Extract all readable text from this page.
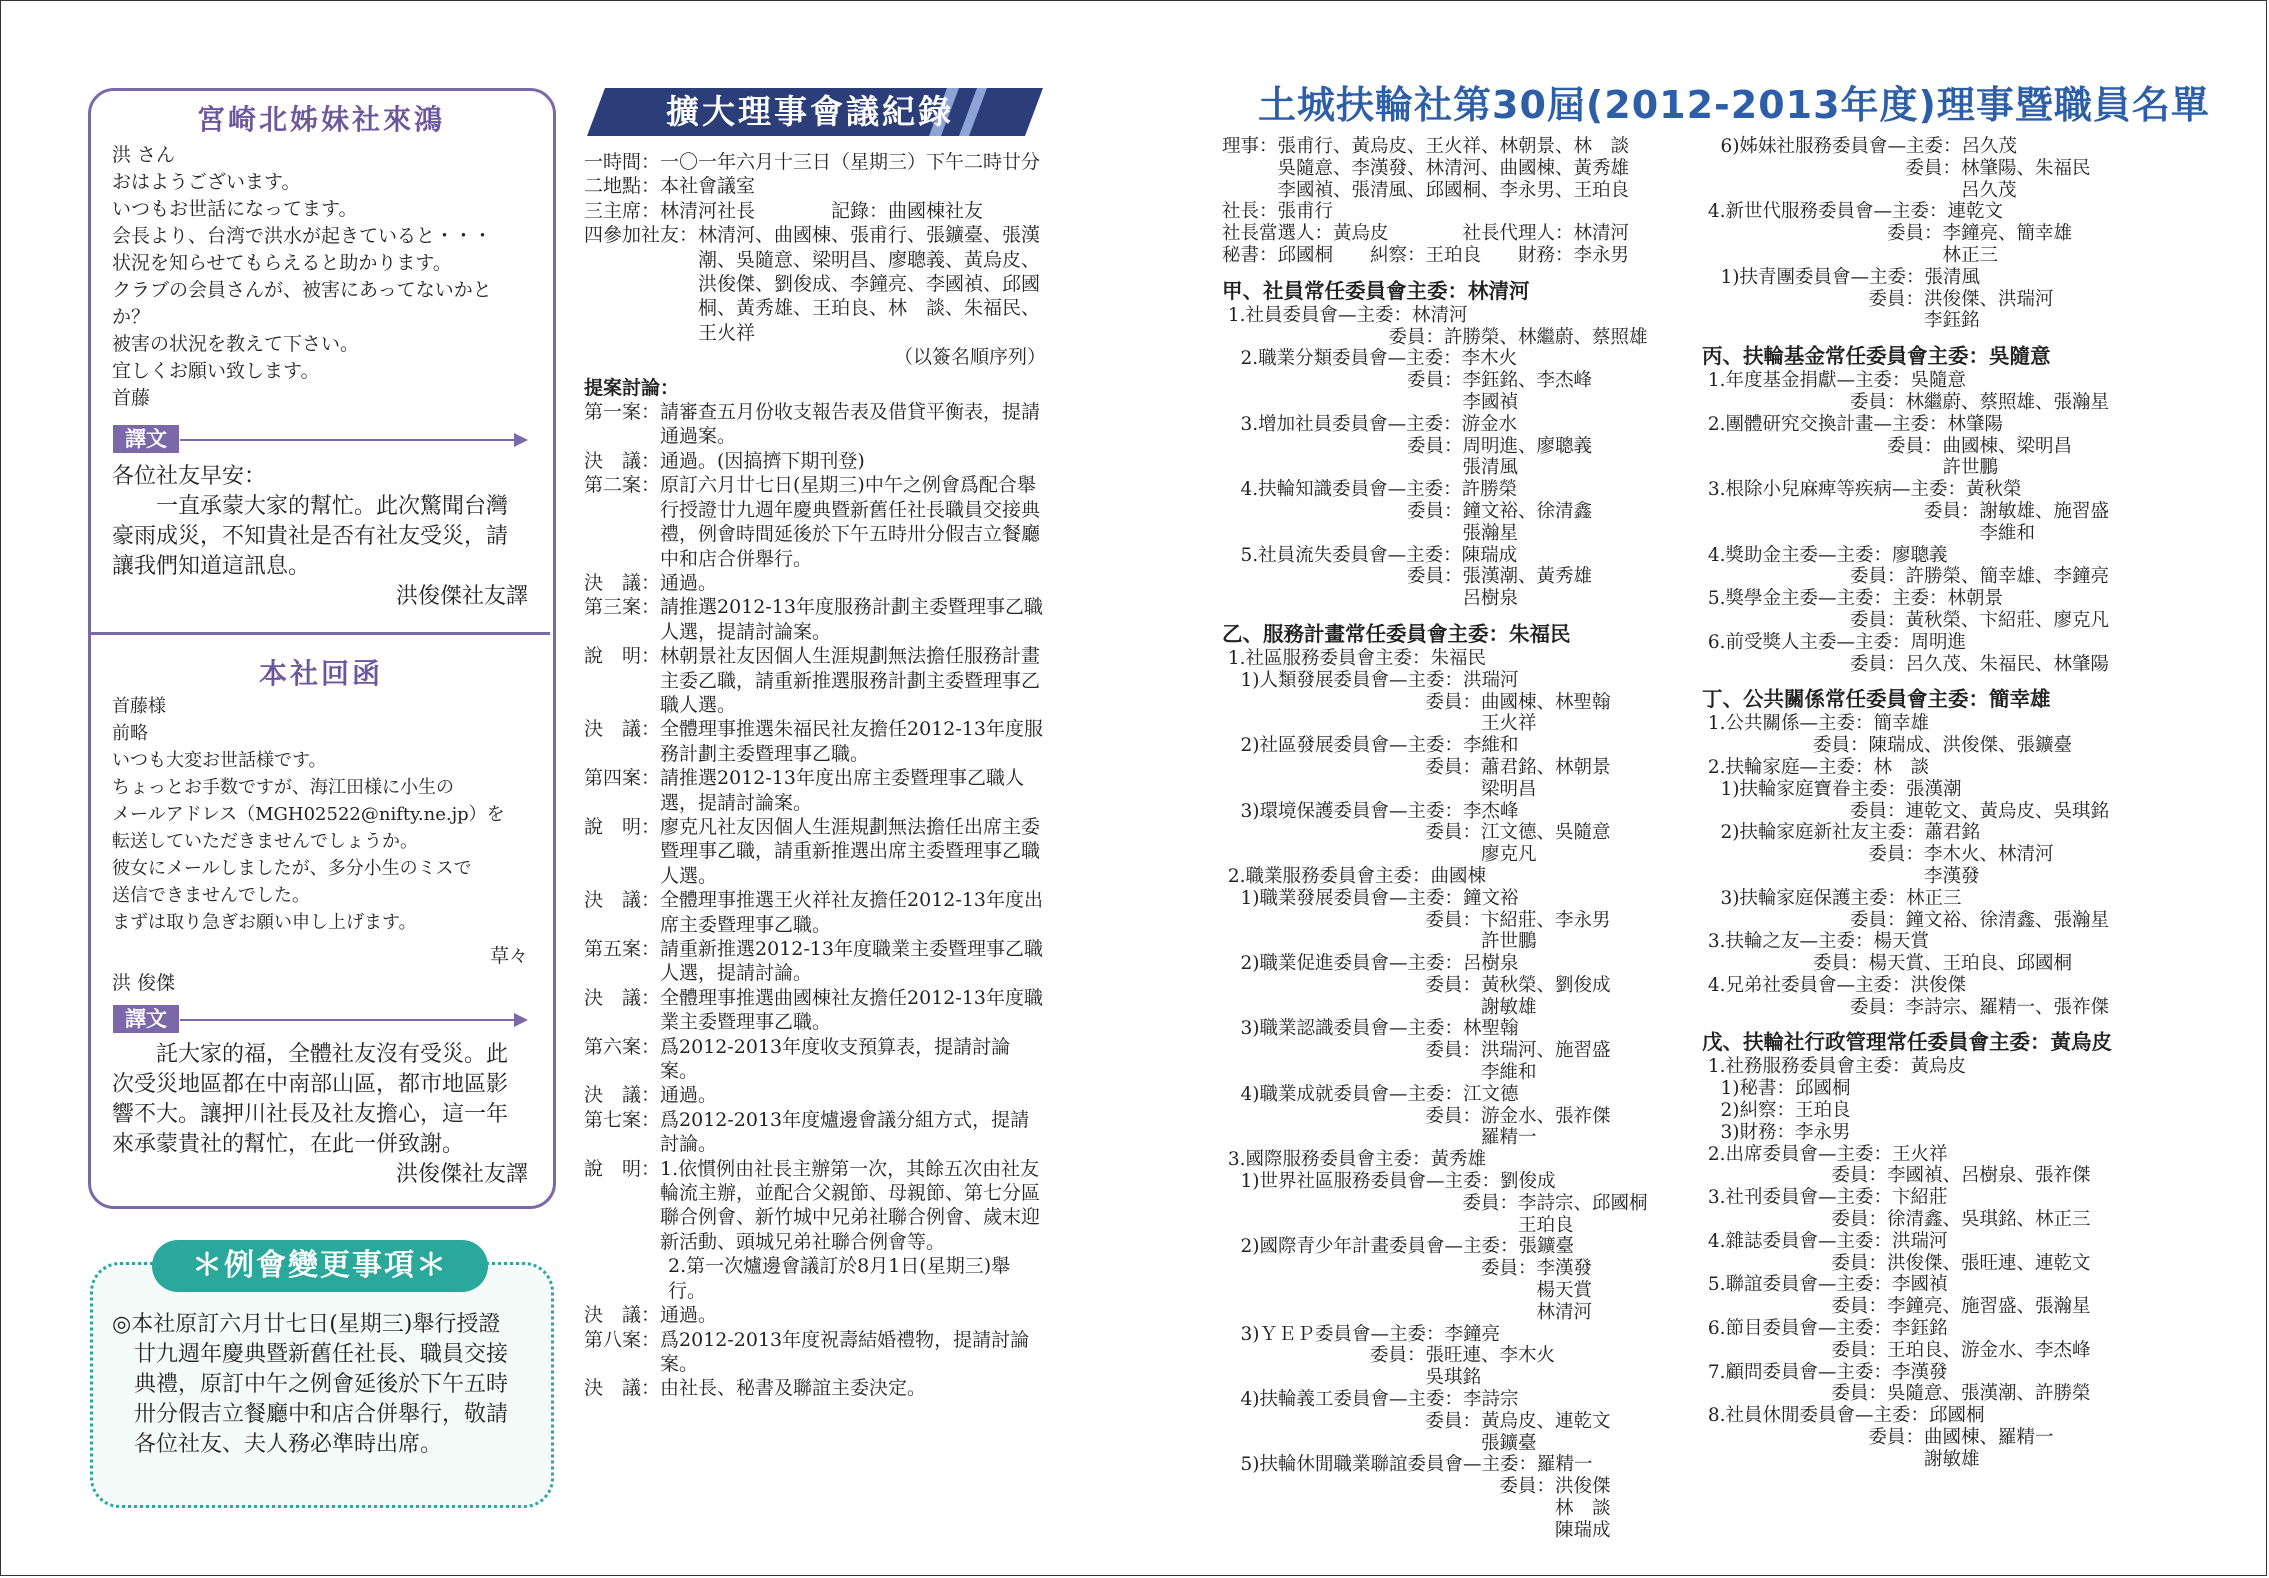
宮崎北姊妹社來鴻
洪 さん
おはようございます。
いつもお世話になってます。
会長より、台湾で洪水が起きていると・・・
状況を知らせてもらえると助かります。
クラブの会員さんが、被害にあってないかと
か？
被害の状況を教えて下さい。
宜しくお願い致します。
首藤
譯文
各位社友早安：
　　一直承蒙大家的幫忙。此次驚聞台灣
豪雨成災，不知貴社是否有社友受災，請
讓我們知道這訊息。
洪俊傑社友譯
本社回函
首藤様
前略
いつも大変お世話様です。
ちょっとお手数ですが、海江田様に小生の
メールアドレス（MGH02522@nifty.ne.jp）を
転送していただきませんでしょうか。
彼女にメールしましたが、多分小生のミスで
送信できませんでした。
まずは取り急ぎお願い申し上げます。
草々
洪 俊傑
譯文
　　託大家的福，全體社友沒有受災。此
次受災地區都在中南部山區，都市地區影
響不大。讓押川社長及社友擔心，這一年
來承蒙貴社的幫忙，在此一併致謝。
洪俊傑社友譯
＊例會變更事項＊
◎本社原訂六月廿七日(星期三)舉行授證
　廿九週年慶典暨新舊任社長、職員交接
　典禮，原訂中午之例會延後於下午五時
　卅分假吉立餐廳中和店合併舉行，敬請
　各位社友、夫人務必準時出席。
擴大理事會議紀錄
一時間： 一〇一年六月十三日（星期三）下午二時廿分
二地點： 本社會議室
三主席： 林清河社長　　　　記錄：曲國棟社友
四參加社友： 林清河、曲國棟、張甫行、張鑛臺、張漢潮、吳隨意、梁明昌、廖聰義、黃烏皮、洪俊傑、劉俊成、李鐘亮、李國禎、邱國桐、黃秀雄、王珀良、林　談、朱福民、王火祥
（以簽名順序列）
提案討論：
第一案： 請審查五月份收支報告表及借貸平衡表，提請通過案。
決　議： 通過。(因搞擠下期刊登)
第二案： 原訂六月廿七日(星期三)中午之例會爲配合舉行授證廿九週年慶典暨新舊任社長職員交接典禮，例會時間延後於下午五時卅分假吉立餐廳中和店合併舉行。
決　議： 通過。
第三案： 請推選2012-13年度服務計劃主委暨理事乙職人選，提請討論案。
說　明： 林朝景社友因個人生涯規劃無法擔任服務計畫主委乙職，請重新推選服務計劃主委暨理事乙職人選。
決　議： 全體理事推選朱福民社友擔任2012-13年度服務計劃主委暨理事乙職。
第四案： 請推選2012-13年度出席主委暨理事乙職人選，提請討論案。
說　明： 廖克凡社友因個人生涯規劃無法擔任出席主委暨理事乙職，請重新推選出席主委暨理事乙職人選。
決　議： 全體理事推選王火祥社友擔任2012-13年度出席主委暨理事乙職。
第五案： 請重新推選2012-13年度職業主委暨理事乙職人選，提請討論。
決　議： 全體理事推選曲國棟社友擔任2012-13年度職業主委暨理事乙職。
第六案： 爲2012-2013年度收支預算表，提請討論案。
決　議： 通過。
第七案： 爲2012-2013年度爐邊會議分組方式，提請討論。
說　明： 1.依慣例由社長主辦第一次，其餘五次由社友輪流主辦，並配合父親節、母親節、第七分區聯合例會、新竹城中兄弟社聯合例會、歲末迎新活動、頭城兄弟社聯合例會等。
2.第一次爐邊會議訂於8月1日(星期三)舉行。
決　議： 通過。
第八案： 爲2012-2013年度祝壽結婚禮物，提請討論案。
決　議： 由社長、秘書及聯誼主委決定。
土城扶輪社第30屆(2012-2013年度)理事暨職員名單
理事：張甫行、黃烏皮、王火祥、林朝景、林　談
　　　吳隨意、李漢發、林清河、曲國棟、黃秀雄
　　　李國禎、張清風、邱國桐、李永男、王珀良
社長：張甫行
社長當選人：黃烏皮　　　　社長代理人：林清河
秘書：邱國桐　　糾察：王珀良　　財務：李永男
甲、社員常任委員會主委：林清河
1.社員委員會—主委：林清河
　　　　　　　　　委員：許勝榮、林繼蔚、蔡照雄
　2.職業分類委員會—主委：李木火
　　　　　　　　　　委員：李鈺銘、李杰峰
　　　　　　　　　　　　　李國禎
　3.增加社員委員會—主委：游金水
　　　　　　　　　　委員：周明進、廖聰義
　　　　　　　　　　　　　張清風
　4.扶輪知識委員會—主委：許勝榮
　　　　　　　　　　委員：鐘文裕、徐清鑫
　　　　　　　　　　　　　張瀚星
　5.社員流失委員會—主委：陳瑞成
　　　　　　　　　　委員：張漢潮、黃秀雄
　　　　　　　　　　　　　呂樹泉
乙、服務計畫常任委員會主委：朱福民
1.社區服務委員會主委：朱福民
　1)人類發展委員會—主委：洪瑞河
　　　　　　　　　　　委員：曲國棟、林聖翰
　　　　　　　　　　　　　　王火祥
　2)社區發展委員會—主委：李維和
　　　　　　　　　　　委員：蕭君銘、林朝景
　　　　　　　　　　　　　　梁明昌
　3)環境保護委員會—主委：李杰峰
　　　　　　　　　　　委員：江文德、吳隨意
　　　　　　　　　　　　　　廖克凡
2.職業服務委員會主委：曲國棟
　1)職業發展委員會—主委：鐘文裕
　　　　　　　　　　　委員：卞紹莊、李永男
　　　　　　　　　　　　　　許世鵬
　2)職業促進委員會—主委：呂樹泉
　　　　　　　　　　　委員：黃秋榮、劉俊成
　　　　　　　　　　　　　　謝敏雄
　3)職業認識委員會—主委：林聖翰
　　　　　　　　　　　委員：洪瑞河、施習盛
　　　　　　　　　　　　　　李維和
　4)職業成就委員會—主委：江文德
　　　　　　　　　　　委員：游金水、張祚傑
　　　　　　　　　　　　　　羅精一
3.國際服務委員會主委：黃秀雄
　1)世界社區服務委員會—主委：劉俊成
　　　　　　　　　　　　　委員：李詩宗、邱國桐
　　　　　　　　　　　　　　　　王珀良
　2)國際青少年計畫委員會—主委：張鑛臺
　　　　　　　　　　　　　　委員：李漢發
　　　　　　　　　　　　　　　　　楊天賞
　　　　　　　　　　　　　　　　　林清河
　3)ＹＥＰ委員會—主委：李鐘亮
　　　　　　　　委員：張旺連、李木火
　　　　　　　　　　　吳琪銘
　4)扶輪義工委員會—主委：李詩宗
　　　　　　　　　　　委員：黃烏皮、連乾文
　　　　　　　　　　　　　　張鑛臺
　5)扶輪休閒職業聯誼委員會—主委：羅精一
　　　　　　　　　　　　　　　委員：洪俊傑
　　　　　　　　　　　　　　　　　　林　談
　　　　　　　　　　　　　　　　　　陳瑞成
　6)姊妹社服務委員會—主委：呂久茂
　　　　　　　　　　　委員：林肇陽、朱福民
　　　　　　　　　　　　　　呂久茂
4.新世代服務委員會—主委：連乾文
　　　　　　　　　　委員：李鐘亮、簡幸雄
　　　　　　　　　　　　　林正三
　1)扶青團委員會—主委：張清風
　　　　　　　　　委員：洪俊傑、洪瑞河
　　　　　　　　　　　　李鈺銘
丙、扶輪基金常任委員會主委：吳隨意
1.年度基金捐獻—主委：吳隨意
　　　　　　　　委員：林繼蔚、蔡照雄、張瀚星
2.團體研究交換計畫—主委：林肇陽
　　　　　　　　　　委員：曲國棟、梁明昌
　　　　　　　　　　　　　許世鵬
3.根除小兒麻痺等疾病—主委：黃秋榮
　　　　　　　　　　　　委員：謝敏雄、施習盛
　　　　　　　　　　　　　　　李維和
4.獎助金主委—主委：廖聰義
　　　　　　　　委員：許勝榮、簡幸雄、李鐘亮
5.獎學金主委—主委：主委：林朝景
　　　　　　　　委員：黃秋榮、卞紹莊、廖克凡
6.前受獎人主委—主委：周明進
　　　　　　　　委員：呂久茂、朱福民、林肇陽
丁、公共關係常任委員會主委：簡幸雄
1.公共關係—主委：簡幸雄
　　　　　　委員：陳瑞成、洪俊傑、張鑛臺
2.扶輪家庭—主委：林　談
　1)扶輪家庭寶眷主委：張漢潮
　　　　　　　　委員：連乾文、黃烏皮、吳琪銘
　2)扶輪家庭新社友主委：蕭君銘
　　　　　　　　　委員：李木火、林清河
　　　　　　　　　　　　李漢發
　3)扶輪家庭保護主委：林正三
　　　　　　　　委員：鐘文裕、徐清鑫、張瀚星
3.扶輪之友—主委：楊天賞
　　　　　　委員：楊天賞、王珀良、邱國桐
4.兄弟社委員會—主委：洪俊傑
　　　　　　　　委員：李詩宗、羅精一、張祚傑
戊、扶輪社行政管理常任委員會主委：黃烏皮
1.社務服務委員會主委：黃烏皮
　1)秘書：邱國桐
　2)糾察：王珀良
　3)財務：李永男
2.出席委員會—主委：王火祥
　　　　　　　委員：李國禎、呂樹泉、張祚傑
3.社刊委員會—主委：卞紹莊
　　　　　　　委員：徐清鑫、吳琪銘、林正三
4.雜誌委員會—主委：洪瑞河
　　　　　　　委員：洪俊傑、張旺連、連乾文
5.聯誼委員會—主委：李國禎
　　　　　　　委員：李鐘亮、施習盛、張瀚星
6.節目委員會—主委：李鈺銘
　　　　　　　委員：王珀良、游金水、李杰峰
7.顧問委員會—主委：李漢發
　　　　　　　委員：吳隨意、張漢潮、許勝榮
8.社員休閒委員會—主委：邱國桐
　　　　　　　　　委員：曲國棟、羅精一
　　　　　　　　　　　　謝敏雄
